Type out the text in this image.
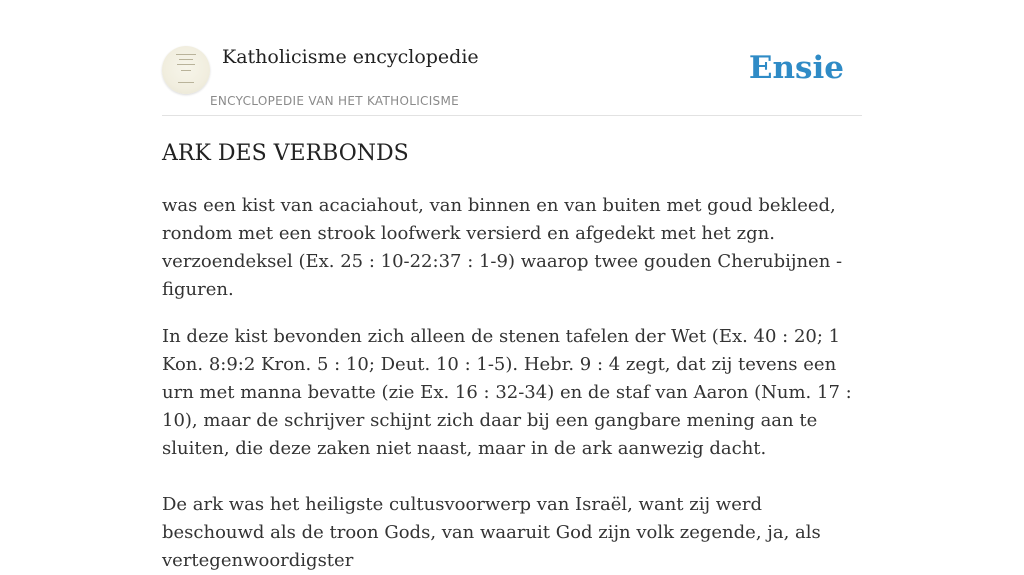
Katholicisme encyclopedie
ENCYCLOPEDIE VAN HET KATHOLICISME
Ensie
ARK DES VERBONDS

was een kist van acaciahout, van binnen en van buiten met goud bekleed, rondom met een strook loofwerk versierd en afgedekt met het zgn. verzoendeksel (Ex. 25 : 10-22:37 : 1-9) waarop twee gouden Cherubijnen -figuren.

In deze kist bevonden zich alleen de stenen tafelen der Wet (Ex. 40 : 20; 1 Kon. 8:9:2 Kron. 5 : 10; Deut. 10 : 1-5). Hebr. 9 : 4 zegt, dat zij tevens een urn met manna bevatte (zie Ex. 16 : 32-34) en de staf van Aaron (Num. 17 : 10), maar de schrijver schijnt zich daar bij een gangbare mening aan te sluiten, die deze zaken niet naast, maar in de ark aanwezig dacht.

De ark was het heiligste cultusvoorwerp van Israël, want zij werd beschouwd als de troon Gods, van waaruit God zijn volk zegende, ja, als vertegenwoordigster
